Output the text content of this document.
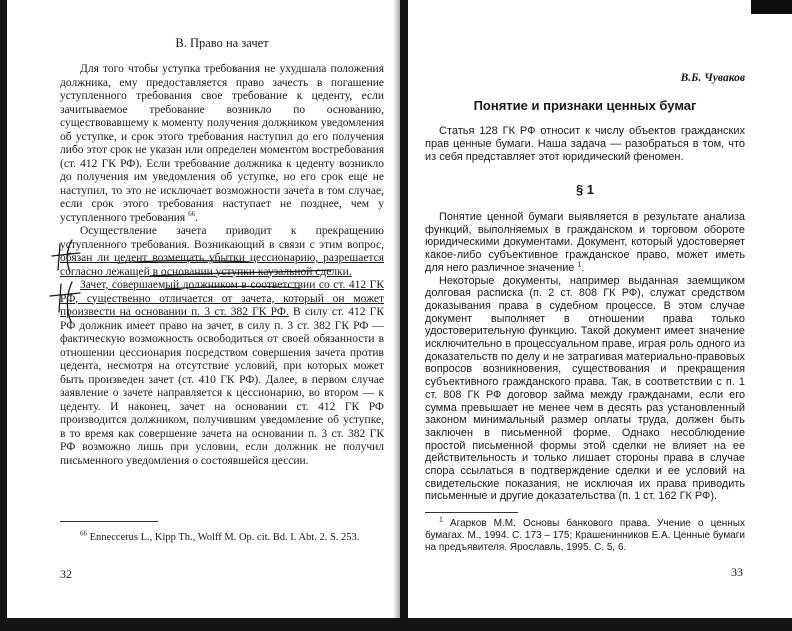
В. Право на зачет

Для того чтобы уступка требования не ухудшала положения должника, ему предоставляется право зачесть в погашение уступленного требования свое требование к цеденту, если зачитываемое требование возникло по основанию, существовавшему к моменту получения должником уведомления об уступке, и срок этого требования наступил до его получения либо этот срок не указан или определен моментом востребования (ст. 412 ГК РФ). Если требование должника к цеденту возникло до получения им уведомления об уступке, но его срок еще не наступил, то это не исключает возможности зачета в том случае, если срок этого требования наступает не позднее, чем у уступленного требования $^{66}$.

Осуществление зачета приводит к прекращению уступленного требования. Возникающий в связи с этим вопрос, обязан ли цедент возмещать убытки цессионарию, разрешается согласно лежащей в основании уступки каузальной сделки.

Зачет, совершаемый должником в соответствии со ст. 412 ГК РФ, существенно отличается от зачета, который он может произвести на основании п. 3 ст. 382 ГК РФ. В силу ст. 412 ГК РФ должник имеет право на зачет, в силу п. 3 ст. 382 ГК РФ — фактическую возможность освободиться от своей обязанности в отношении цессионария посредством совершения зачета против цедента, несмотря на отсутствие условий, при которых может быть произведен зачет (ст. 410 ГК РФ). Далее, в первом случае заявление о зачете направляется к цессионарию, во втором — к цеденту. И наконец, зачет на основании ст. 412 ГК РФ производится должником, получившим уведомление об уступке, в то время как совершение зачета на основании п. 3 ст. 382 ГК РФ возможно лишь при условии, если должник не получил письменного уведомления о состоявшейся цессии.

$^{66}$ Enneccerus L., Kipp Th., Wolff M. Op. cit. Bd. I. Abt. 2. S. 253.
32
В.Б. Чуваков
Понятие и признаки ценных бумаг

Статья 128 ГК РФ относит к числу объектов гражданских прав ценные бумаги. Наша задача — разобраться в том, что из себя представляет этот юридический феномен.

§ 1

Понятие ценной бумаги выявляется в результате анализа функций, выполняемых в гражданском и торговом обороте юридическими документами. Документ, который удостоверяет какое-либо субъективное гражданское право, может иметь для него различное значение $^1$.

Некоторые документы, например выданная заемщиком долговая расписка (п. 2 ст. 808 ГК РФ), служат средством доказывания права в судебном процессе. В этом случае документ выполняет в отношении права только удостоверительную функцию. Такой документ имеет значение исключительно в процессуальном праве, играя роль одного из доказательств по делу и не затрагивая материально-правовых вопросов возникновения, существования и прекращения субъективного гражданского права. Так, в соответствии с п. 1 ст. 808 ГК РФ договор займа между гражданами, если его сумма превышает не менее чем в десять раз установленный законом минимальный размер оплаты труда, должен быть заключен в письменной форме. Однако несоблюдение простой письменной формы этой сделки не влияет на ее действительность и только лишает стороны права в случае спора ссылаться в подтверждение сделки и ее условий на свидетельские показания, не исключая их права приводить письменные и другие доказательства (п. 1 ст. 162 ГК РФ).

$^1$ Агарков М.М. Основы банкового права. Учение о ценных бумагах. М., 1994. С. 173 – 175; Крашенинников Е.А. Ценные бумаги на предъявителя. Ярославль, 1995. С. 5, 6.
33
